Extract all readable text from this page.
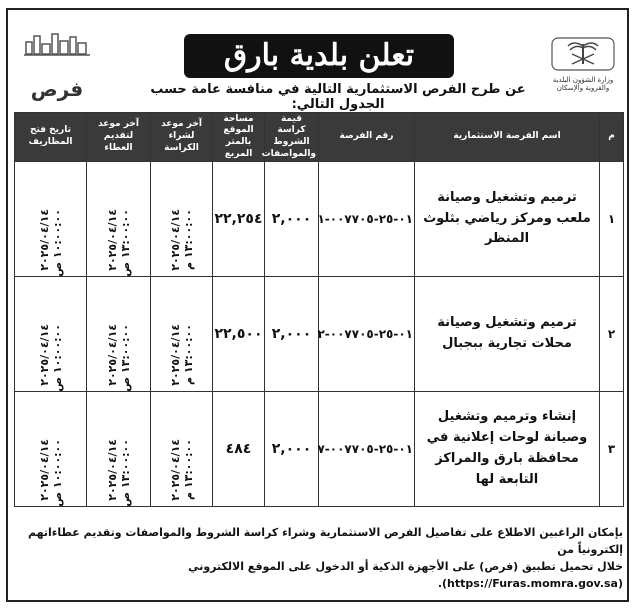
فرص
تعلن بلدية بارق
عن طرح الفرص الاستثمارية التالية في منافسة عامة حسب الجدول التالي:
وزارة الشؤون البلدية والقروية والإسكان
م	اسم الفرصة الاستثمارية	رقم الفرصة	قيمة كراسة الشروط والمواصفات	مساحة الموقع بالمتر المربع	آخر موعد لشراء الكراسة	آخر موعد لتقديم العطاء	تاريخ فتح المظاريف
١	ترميم وتشغيل وصيانة ملعب ومركز رياضي بثلوث المنظر	٠١-٢٥-٠٠٧٧٠٥-١	٢,٠٠٠	٢٢,٢٥٤	٢٠٢٥/٠٤/١٤ ١٣:٠٠:٠٠ م	٢٠٢٥/٠٤/١٤ ١٣:٠٠:٠٠ ص	٢٠٢٥/٠٤/١٤ ١٠:٠٠:٠٠ ص

٢	ترميم وتشغيل وصيانة محلات تجارية ببجبال	٠١-٢٥-٠٠٧٧٠٥-٢	٢,٠٠٠	٢٢,٥٠٠	٢٠٢٥/٠٤/١٤ ١٣:٠٠:٠٠ م	٢٠٢٥/٠٤/١٤ ١٣:٠٠:٠٠ ص	٢٠٢٥/٠٤/١٤ ١٠:٠٠:٠٠ ص

٣	إنشاء وترميم وتشغيل وصيانة لوحات إعلانية في محافظة بارق والمراكز التابعة لها	٠١-٢٥-٠٠٧٧٠٥-٧	٢,٠٠٠	٤٨٤	٢٠٢٥/٠٤/١٤ ١٣:٠٠:٠٠ م	٢٠٢٥/٠٤/١٤ ١٣:٠٠:٠٠ ص	٢٠٢٥/٠٤/١٤ ١٠:٠٠:٠٠ ص
بإمكان الراغبين الاطلاع على تفاصيل الفرص الاستثمارية وشراء كراسة الشروط والمواصفات وتقديم عطاءاتهم إلكترونياً من
خلال تحميل تطبيق (فرص) على الأجهزة الذكية أو الدخول على الموقع الالكتروني (https://Furas.momra.gov.sa).
